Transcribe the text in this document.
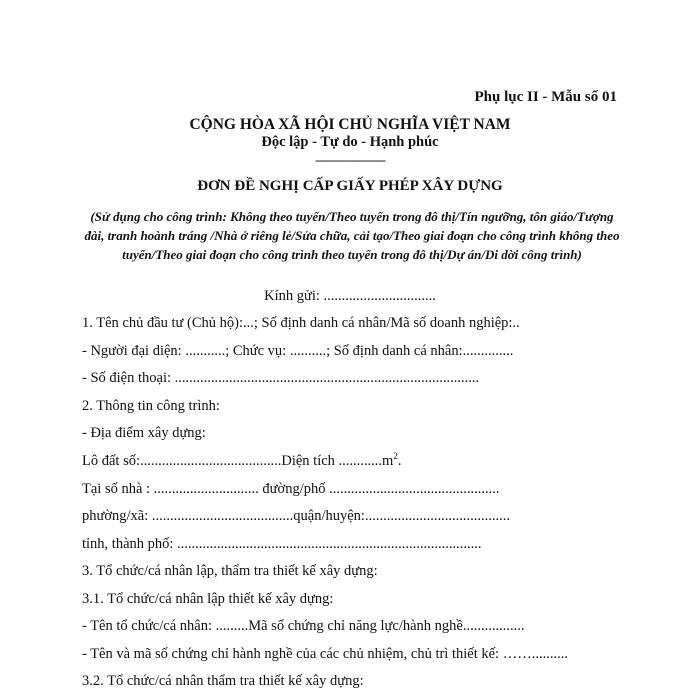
Phụ lục II - Mẫu số 01
CỘNG HÒA XÃ HỘI CHỦ NGHĨA VIỆT NAM
Độc lập - Tự do - Hạnh phúc
---------------------
ĐƠN ĐỀ NGHỊ CẤP GIẤY PHÉP XÂY DỰNG
(Sử dụng cho công trình: Không theo tuyến/Theo tuyến trong đô thị/Tín ngưỡng, tôn giáo/Tượng đài, tranh hoành tráng /Nhà ở riêng lẻ/Sửa chữa, cải tạo/Theo giai đoạn cho công trình không theo tuyến/Theo giai đoạn cho công trình theo tuyến trong đô thị/Dự án/Di dời công trình)
Kính gửi: ...............................
1. Tên chủ đầu tư (Chủ hộ):...; Số định danh cá nhân/Mã số doanh nghiệp:..
- Người đại diện: ...........; Chức vụ: ..........; Số định danh cá nhân:..............
- Số điện thoại: ....................................................................................
2. Thông tin công trình:
- Địa điểm xây dựng:
Lô đất số:.......................................Diện tích $............m^2$.
Tại số nhà : ............................. đường/phố ...............................................
phường/xã: .......................................quận/huyện:........................................
tỉnh, thành phố: ....................................................................................
3. Tổ chức/cá nhân lập, thẩm tra thiết kế xây dựng:
3.1. Tổ chức/cá nhân lập thiết kế xây dựng:
- Tên tổ chức/cá nhân: .........Mã số chứng chỉ năng lực/hành nghề.................
- Tên và mã số chứng chỉ hành nghề của các chủ nhiệm, chủ trì thiết kế: ……..........
3.2. Tổ chức/cá nhân thẩm tra thiết kế xây dựng:
